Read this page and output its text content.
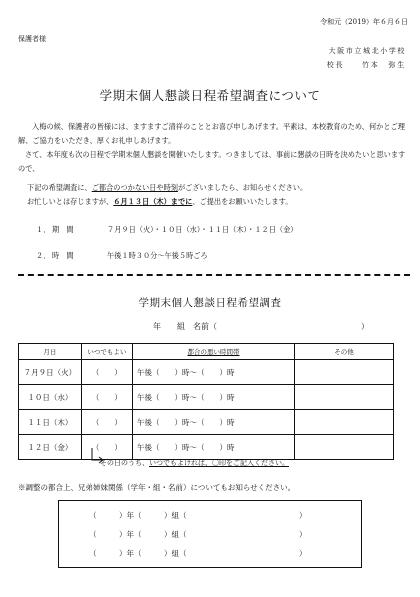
令和元（2019）年６月６日
保護者様
大阪市立城北小学校
校長　　竹本　弥生
学期末個人懇談日程希望調査について
入梅の候、保護者の皆様には、ますますご清祥のこととお喜び申しあげます。平素は、本校教育のため、何かとご理解、ご協力をいただき、厚くお礼申しあげます。
さて、本年度も次の日程で学期末個人懇談を開催いたします。つきましては、事前に懇談の日時を決めたいと思いますので、
下記の希望調査に、ご都合のつかない日や時刻がございましたら、お知らせください。
お忙しいとは存じますが、６月１３日（木）までに、ご提出をお願いいたします。
１． 期　間	７月９日（火）・１０日（水）・１１日（木）・１２日（金）
２． 時　間	午後１時３０分～午後５時ごろ
学期末個人懇談日程希望調査
年　　組　名前（　　　　　　　　　　　　　　　　　　）
月日	いつでもよい	都合の悪い時間帯	その他
７月９日（火）	（　　）	午後（　　）時～（　　）時	
１０日（水）	（　　）	午後（　　）時～（　　）時	
１１日（木）	（　　）	午後（　　）時～（　　）時	
１２日（金）	（　　）	午後（　　）時～（　　）時	
その日のうち、いつでもよければ、〇印をご記入ください。
※調整の都合上、兄弟姉妹関係（学年・組・名前）についてもお知らせください。
（　　　）年（　　　）組（　　　　　　　　　　　　　　　）
（　　　）年（　　　）組（　　　　　　　　　　　　　　　）
（　　　）年（　　　）組（　　　　　　　　　　　　　　　）
